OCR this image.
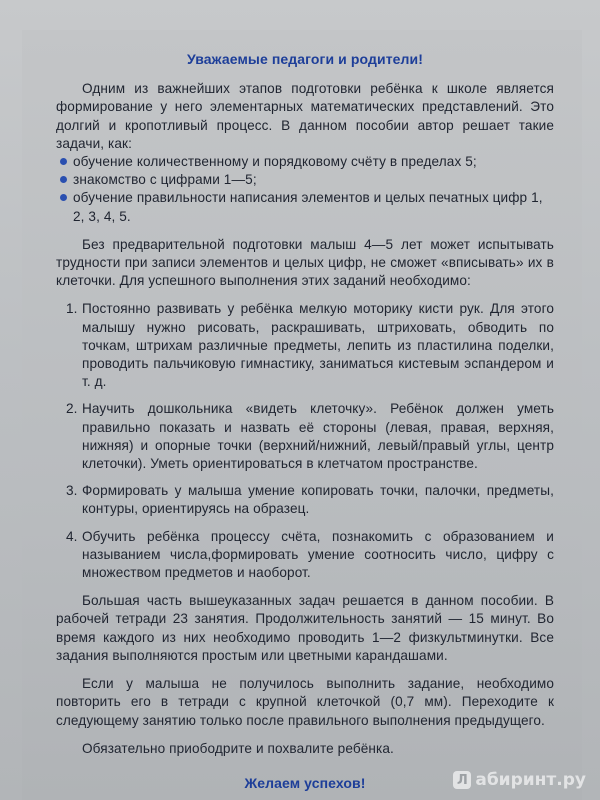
Уважаемые педагоги и родители!

Одним из важнейших этапов подготовки ребёнка к школе является формирование у него элементарных математических представлений. Это долгий и кропотливый процесс. В данном пособии автор решает такие задачи, как:

обучение количественному и порядковому счёту в пределах 5;
знакомство с цифрами 1—5;
обучение правильности написания элементов и целых печатных цифр 1, 2, 3, 4, 5.

Без предварительной подготовки малыш 4—5 лет может испытывать трудности при записи элементов и целых цифр, не сможет «вписывать» их в клеточки. Для успешного выполнения этих заданий необходимо:

1. Постоянно развивать у ребёнка мелкую моторику кисти рук. Для этого малышу нужно рисовать, раскрашивать, штриховать, обводить по точкам, штрихам различные предметы, лепить из пластилина поделки, проводить пальчиковую гимнастику, заниматься кистевым эспандером и т. д.
2. Научить дошкольника «видеть клеточку». Ребёнок должен уметь правильно показать и назвать её стороны (левая, правая, верхняя, нижняя) и опорные точки (верхний/нижний, левый/правый углы, центр клеточки). Уметь ориентироваться в клетчатом пространстве.
3. Формировать у малыша умение копировать точки, палочки, предметы, контуры, ориентируясь на образец.
4. Обучить ребёнка процессу счёта, познакомить с образованием и называнием числа,формировать умение соотносить число, цифру с множеством предметов и наоборот.

Большая часть вышеуказанных задач решается в данном пособии. В рабочей тетради 23 занятия. Продолжительность занятий — 15 минут. Во время каждого из них необходимо проводить 1—2 физкультминутки. Все задания выполняются простым или цветными карандашами.

Если у малыша не получилось выполнить задание, необходимо повторить его в тетради с крупной клеточкой (0,7 мм). Переходите к следующему занятию только после правильного выполнения предыдущего.

Обязательно приободрите и похвалите ребёнка.

Желаем успехов!	Л абиринт.ру
